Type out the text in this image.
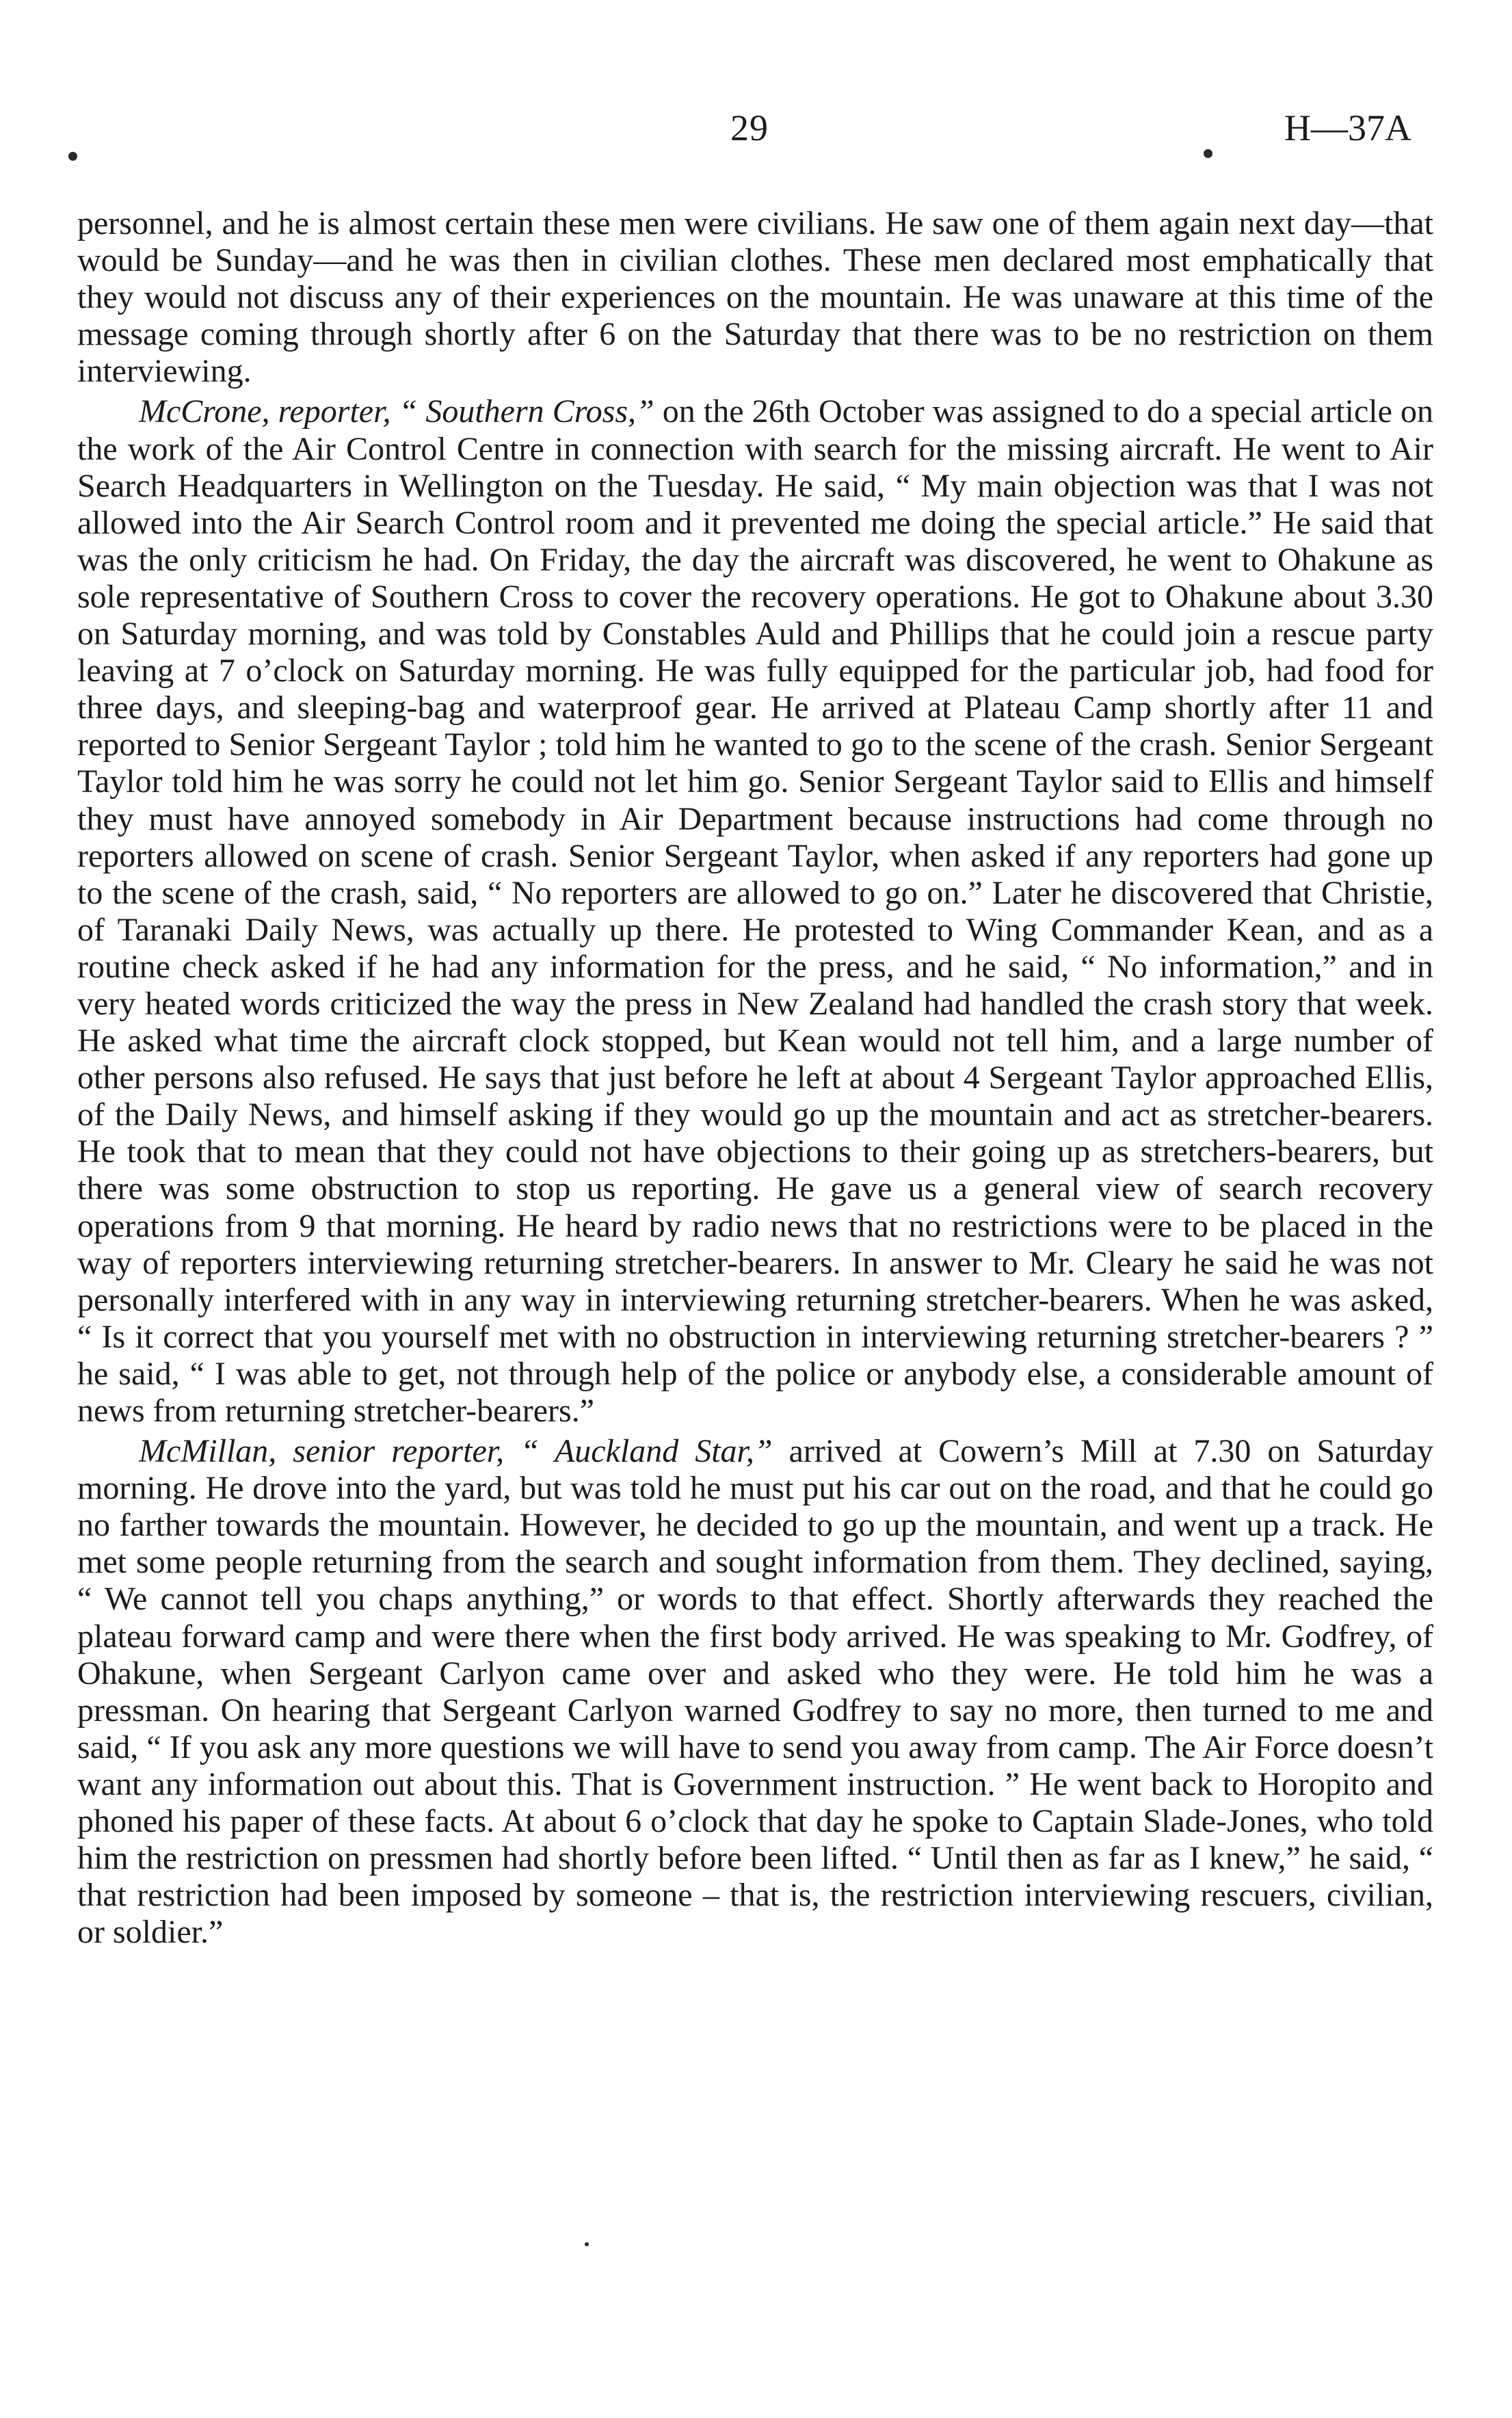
29	H—37A

personnel, and he is almost certain these men were civilians. He saw one of them again next day—that would be Sunday—and he was then in civilian clothes. These men declared most emphatically that they would not discuss any of their experiences on the mountain. He was unaware at this time of the message coming through shortly after 6 on the Saturday that there was to be no restriction on them interviewing.

McCrone, reporter, “ Southern Cross,” on the 26th October was assigned to do a special article on the work of the Air Control Centre in connection with search for the missing aircraft. He went to Air Search Headquarters in Wellington on the Tuesday. He said, “ My main objection was that I was not allowed into the Air Search Control room and it prevented me doing the special article.” He said that was the only criticism he had. On Friday, the day the aircraft was discovered, he went to Ohakune as sole representative of Southern Cross to cover the recovery operations. He got to Ohakune about 3.30 on Saturday morning, and was told by Constables Auld and Phillips that he could join a rescue party leaving at 7 o’clock on Saturday morning. He was fully equipped for the particular job, had food for three days, and sleeping-bag and waterproof gear. He arrived at Plateau Camp shortly after 11 and reported to Senior Sergeant Taylor ; told him he wanted to go to the scene of the crash. Senior Sergeant Taylor told him he was sorry he could not let him go. Senior Sergeant Taylor said to Ellis and himself they must have annoyed somebody in Air Department because instructions had come through no reporters allowed on scene of crash. Senior Sergeant Taylor, when asked if any reporters had gone up to the scene of the crash, said, “ No reporters are allowed to go on.” Later he discovered that Christie, of Taranaki Daily News, was actually up there. He protested to Wing Commander Kean, and as a routine check asked if he had any information for the press, and he said, “ No information,” and in very heated words criticized the way the press in New Zealand had handled the crash story that week. He asked what time the aircraft clock stopped, but Kean would not tell him, and a large number of other persons also refused. He says that just before he left at about 4 Sergeant Taylor approached Ellis, of the Daily News, and himself asking if they would go up the mountain and act as stretcher-bearers. He took that to mean that they could not have objections to their going up as stretchers-bearers, but there was some obstruction to stop us reporting. He gave us a general view of search recovery operations from 9 that morning. He heard by radio news that no restrictions were to be placed in the way of reporters interviewing returning stretcher-bearers. In answer to Mr. Cleary he said he was not personally interfered with in any way in interviewing returning stretcher-bearers. When he was asked, “ Is it correct that you yourself met with no obstruction in interviewing returning stretcher-bearers ? ” he said, “ I was able to get, not through help of the police or anybody else, a considerable amount of news from returning stretcher-bearers.”

McMillan, senior reporter, “ Auckland Star,” arrived at Cowern’s Mill at 7.30 on Saturday morning. He drove into the yard, but was told he must put his car out on the road, and that he could go no farther towards the mountain. However, he decided to go up the mountain, and went up a track. He met some people returning from the search and sought information from them. They declined, saying, “ We cannot tell you chaps anything,” or words to that effect. Shortly afterwards they reached the plateau forward camp and were there when the first body arrived. He was speaking to Mr. Godfrey, of Ohakune, when Sergeant Carlyon came over and asked who they were. He told him he was a pressman. On hearing that Sergeant Carlyon warned Godfrey to say no more, then turned to me and said, “ If you ask any more questions we will have to send you away from camp. The Air Force doesn’t want any information out about this. That is Government instruction. ” He went back to Horopito and phoned his paper of these facts. At about 6 o’clock that day he spoke to Captain Slade-Jones, who told him the restriction on pressmen had shortly before been lifted. “ Until then as far as I knew,” he said, “ that restriction had been imposed by someone – that is, the restriction interviewing rescuers, civilian, or soldier.”
